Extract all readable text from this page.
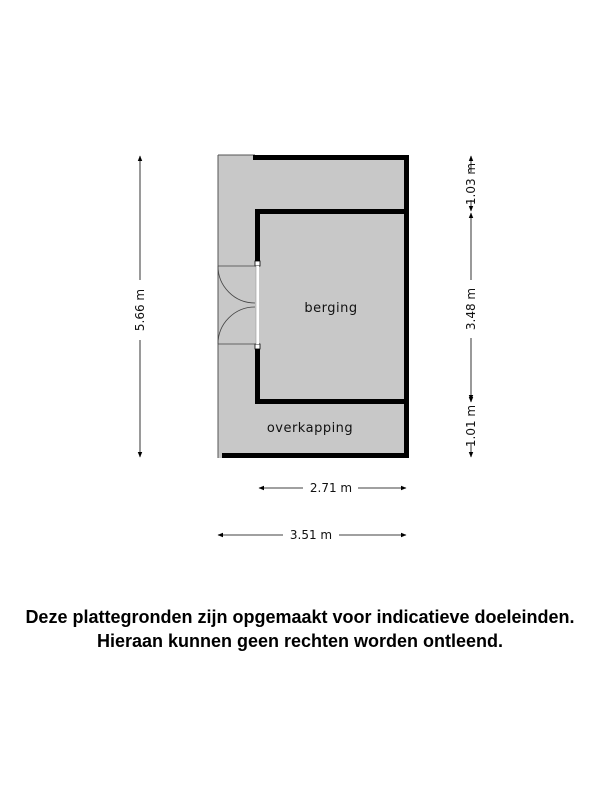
berging
overkapping
5.66 m
1.03 m
3.48 m
1.01 m
2.71 m
3.51 m
Deze plattegronden zijn opgemaakt voor indicatieve doeleinden.
Hieraan kunnen geen rechten worden ontleend.
